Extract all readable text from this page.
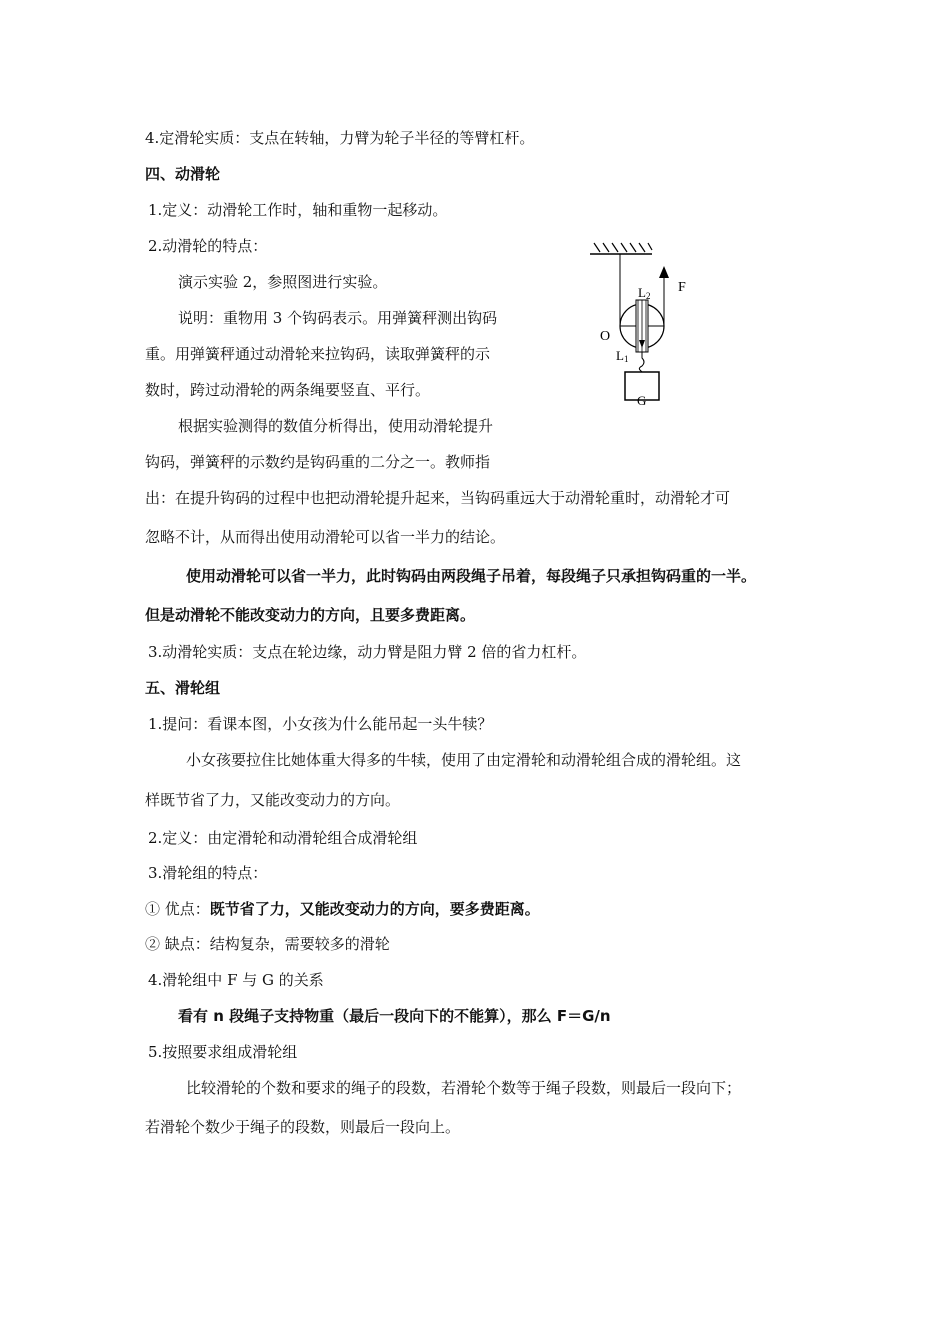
4.定滑轮实质：支点在转轴，力臂为轮子半径的等臂杠杆。
四、动滑轮
1.定义：动滑轮工作时，轴和重物一起移动。
2.动滑轮的特点：
演示实验 2，参照图进行实验。
说明：重物用 3 个钩码表示。用弹簧秤测出钩码
重。用弹簧秤通过动滑轮来拉钩码，读取弹簧秤的示
数时，跨过动滑轮的两条绳要竖直、平行。
根据实验测得的数值分析得出，使用动滑轮提升
钩码，弹簧秤的示数约是钩码重的二分之一。教师指
出：在提升钩码的过程中也把动滑轮提升起来，当钩码重远大于动滑轮重时，动滑轮才可
忽略不计，从而得出使用动滑轮可以省一半力的结论。
使用动滑轮可以省一半力，此时钩码由两段绳子吊着，每段绳子只承担钩码重的一半。
但是动滑轮不能改变动力的方向，且要多费距离。
3.动滑轮实质：支点在轮边缘，动力臂是阻力臂 2 倍的省力杠杆。
五、滑轮组
1.提问：看课本图，小女孩为什么能吊起一头牛犊？
小女孩要拉住比她体重大得多的牛犊，使用了由定滑轮和动滑轮组合成的滑轮组。这
样既节省了力，又能改变动力的方向。
2.定义：由定滑轮和动滑轮组合成滑轮组
3.滑轮组的特点：
① 优点：既节省了力，又能改变动力的方向，要多费距离。
② 缺点：结构复杂，需要较多的滑轮
4.滑轮组中 F 与 G 的关系
看有 n 段绳子支持物重（最后一段向下的不能算），那么 F＝G/n
5.按照要求组成滑轮组
比较滑轮的个数和要求的绳子的段数，若滑轮个数等于绳子段数，则最后一段向下；
若滑轮个数少于绳子的段数，则最后一段向上。
F
O
L2
L1
G
